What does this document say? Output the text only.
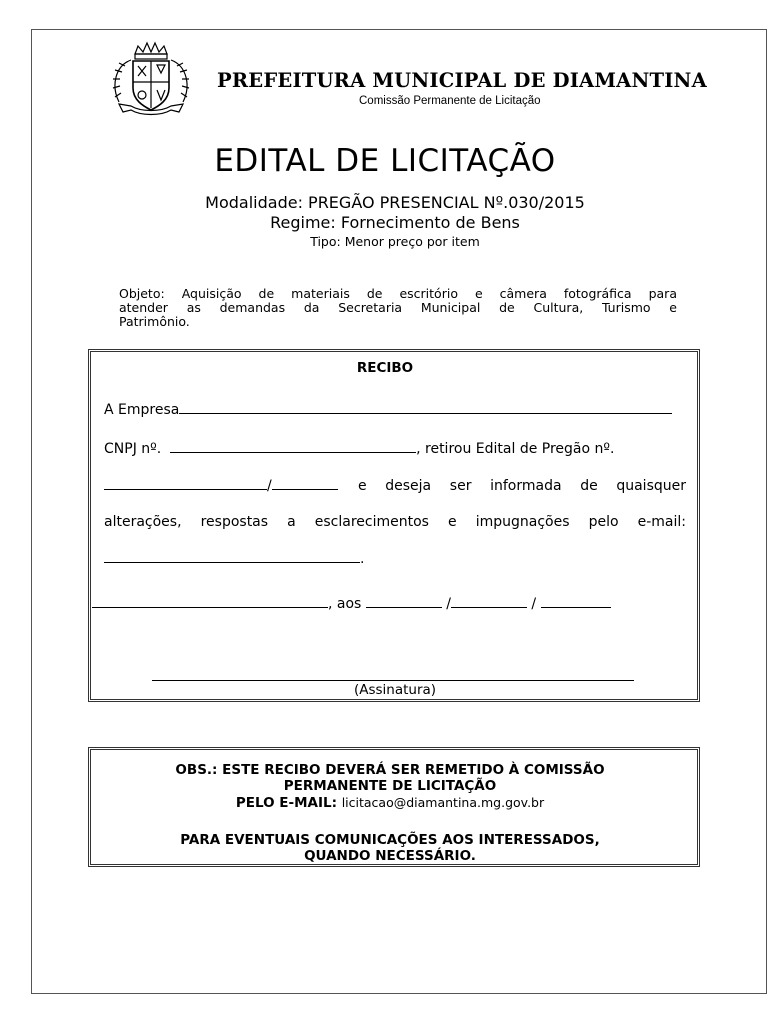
PREFEITURA MUNICIPAL DE DIAMANTINA
Comissão Permanente de Licitação
EDITAL DE LICITAÇÃO
Modalidade: PREGÃO PRESENCIAL Nº.030/2015
Regime: Fornecimento de Bens
Tipo: Menor preço por item
Objeto: Aquisição de materiais de escritório e câmera fotográfica para
atender as demandas da Secretaria Municipal de Cultura, Turismo e
Patrimônio.
RECIBO
A Empresa
CNPJ nº.	, retirou Edital de Pregão nº.
/	e deseja ser informada de quaisquer
alterações, respostas a esclarecimentos e impugnações pelo e-mail:
.
, aos	/	/
(Assinatura)
OBS.: ESTE RECIBO DEVERÁ SER REMETIDO À COMISSÃO
PERMANENTE DE LICITAÇÃO
PELO E-MAIL: licitacao@diamantina.mg.gov.br
PARA EVENTUAIS COMUNICAÇÕES AOS INTERESSADOS,
QUANDO NECESSÁRIO.
